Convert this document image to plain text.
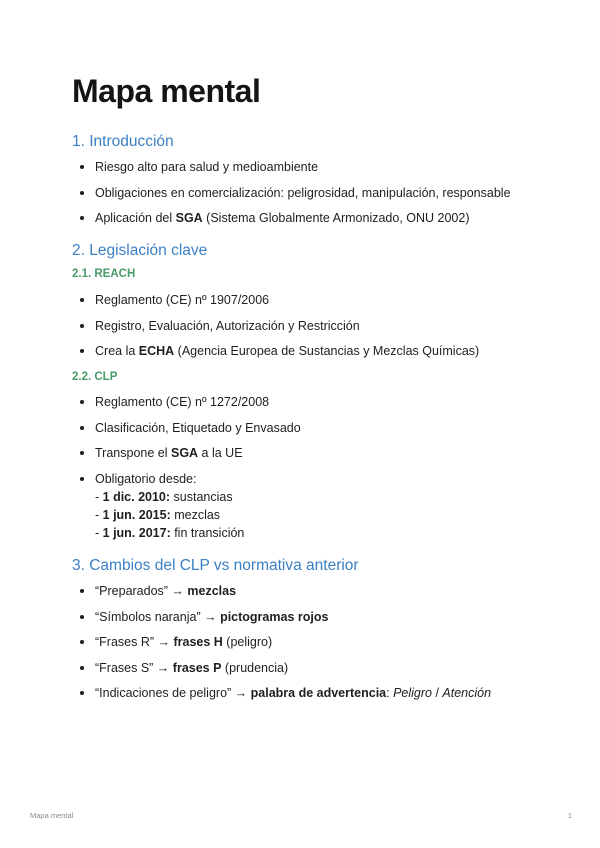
Mapa mental
1. Introducción
Riesgo alto para salud y medioambiente
Obligaciones en comercialización: peligrosidad, manipulación, responsable
Aplicación del SGA (Sistema Globalmente Armonizado, ONU 2002)
2. Legislación clave
2.1. REACH
Reglamento (CE) nº 1907/2006
Registro, Evaluación, Autorización y Restricción
Crea la ECHA (Agencia Europea de Sustancias y Mezclas Químicas)
2.2. CLP
Reglamento (CE) nº 1272/2008
Clasificación, Etiquetado y Envasado
Transpone el SGA a la UE
Obligatorio desde:
- 1 dic. 2010: sustancias
- 1 jun. 2015: mezclas
- 1 jun. 2017: fin transición
3. Cambios del CLP vs normativa anterior
“Preparados” → mezclas
“Símbolos naranja” → pictogramas rojos
“Frases R” → frases H (peligro)
“Frases S” → frases P (prudencia)
“Indicaciones de peligro” → palabra de advertencia: Peligro / Atención
Mapa mental	1
